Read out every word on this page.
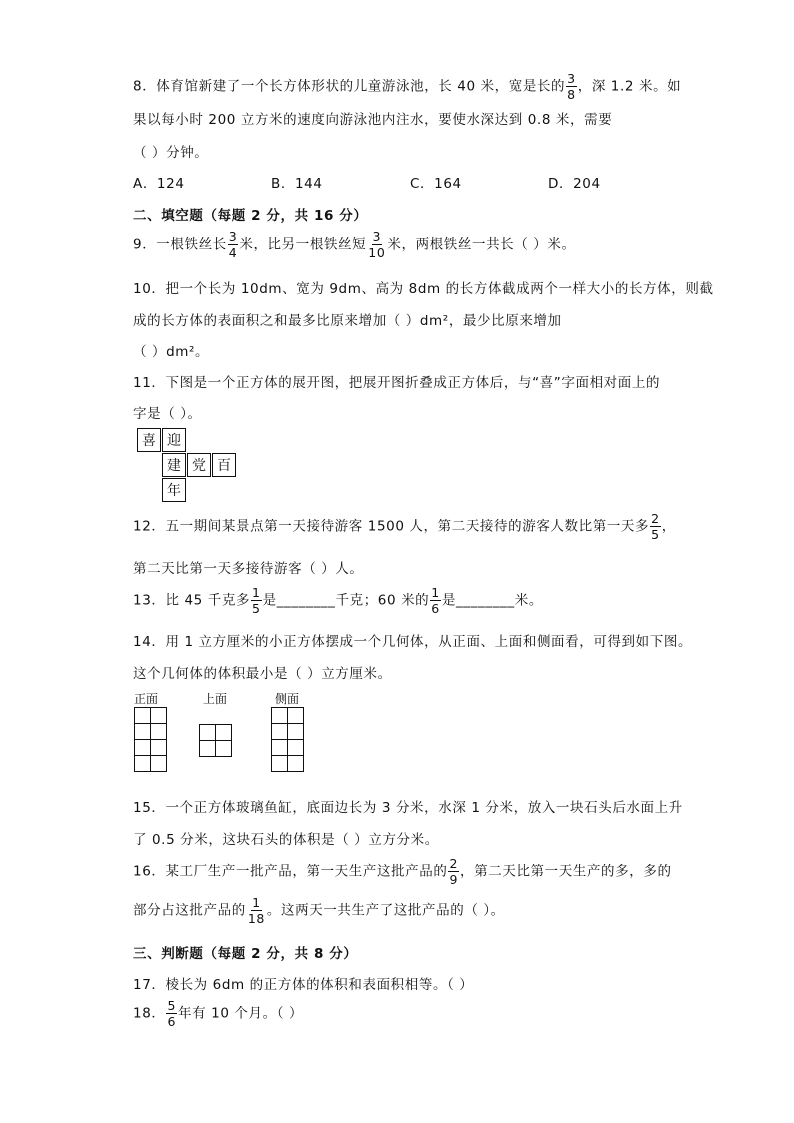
8．体育馆新建了一个长方体形状的儿童游泳池，长 40 米，宽是长的 $\frac{3}{8}$ ，深 1.2 米。如
果以每小时 200 立方米的速度向游泳池内注水，要使水深达到 0.8 米，需要
（ ）分钟。
A．124	B．144	C．164	D．204
二、填空题（每题 2 分，共 16 分）
9．一根铁丝长 $\frac{3}{4}$ 米，比另一根铁丝短 $\frac{3}{10}$ 米，两根铁丝一共长（ ）米。
10．把一个长为 10dm、宽为 9dm、高为 8dm 的长方体截成两个一样大小的长方体，则截
成的长方体的表面积之和最多比原来增加（ ）dm²，最少比原来增加
（ ）dm²。
11．下图是一个正方体的展开图，把展开图折叠成正方体后，与“喜”字面相对面上的
字是（ ）。
喜 迎
建 党 百
年
12．五一期间某景点第一天接待游客 1500 人，第二天接待的游客人数比第一天多 $\frac{2}{5}$ ，
第二天比第一天多接待游客（ ）人。
13．比 45 千克多 $\frac{1}{5}$ 是________千克；60 米的 $\frac{1}{6}$ 是________米。
14．用 1 立方厘米的小正方体摆成一个几何体，从正面、上面和侧面看，可得到如下图。
这个几何体的体积最小是（ ）立方厘米。
正面	上面	侧面
15．一个正方体玻璃鱼缸，底面边长为 3 分米，水深 1 分米，放入一块石头后水面上升
了 0.5 分米，这块石头的体积是（ ）立方分米。
16．某工厂生产一批产品，第一天生产这批产品的 $\frac{2}{9}$ ，第二天比第一天生产的多，多的
部分占这批产品的 $\frac{1}{18}$ 。这两天一共生产了这批产品的（ ）。
三、判断题（每题 2 分，共 8 分）
17．棱长为 6dm 的正方体的体积和表面积相等。（ ）
18． $\frac{5}{6}$ 年有 10 个月。（ ）
